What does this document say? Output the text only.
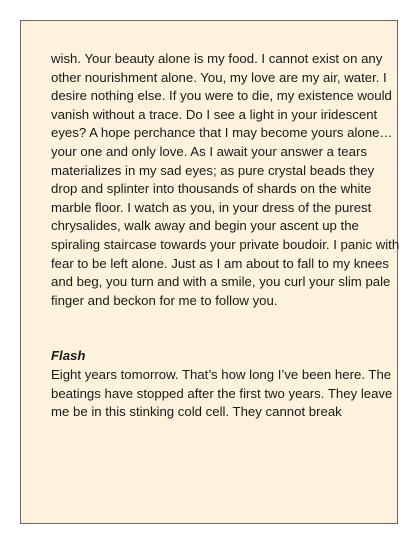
wish. Your beauty alone is my food. I cannot exist on any other nourishment alone. You, my love are my air, water. I desire nothing else. If you were to die, my existence would vanish without a trace. Do I see a light in your iridescent eyes? A hope perchance that I may become yours alone…your one and only love. As I await your answer a tears materializes in my sad eyes; as pure crystal beads they drop and splinter into thousands of shards on the white marble floor. I watch as you, in your dress of the purest chrysalides, walk away and begin your ascent up the spiraling staircase towards your private boudoir. I panic with fear to be left alone. Just as I am about to fall to my knees and beg, you turn and with a smile, you curl your slim pale finger and beckon for me to follow you.

Flash

Eight years tomorrow. That’s how long I’ve been here. The beatings have stopped after the first two years. They leave me be in this stinking cold cell. They cannot break
